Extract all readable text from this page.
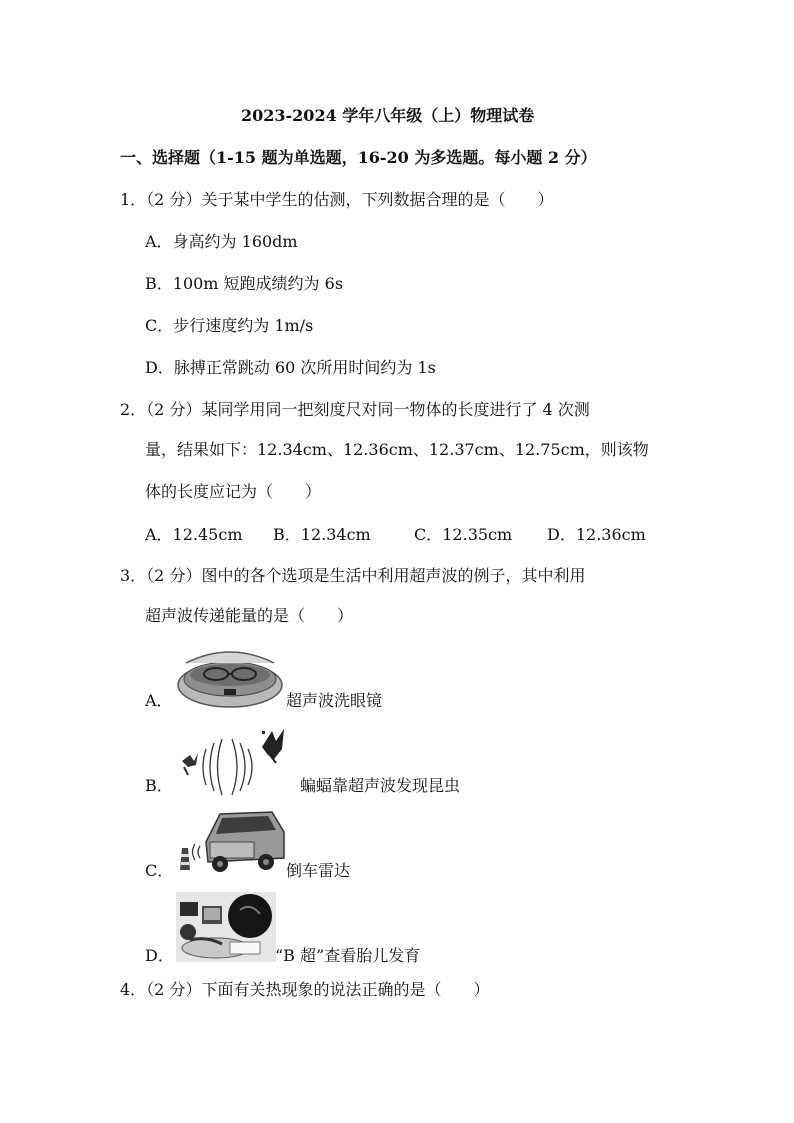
2023-2024 学年八年级（上）物理试卷
一、选择题（1-15 题为单选题，16-20 为多选题。每小题 2 分）
1．（2 分）关于某中学生的估测，下列数据合理的是（　　）
A．身高约为 160dm
B．100m 短跑成绩约为 6s
C．步行速度约为 1m/s
D．脉搏正常跳动 60 次所用时间约为 1s
2．（2 分）某同学用同一把刻度尺对同一物体的长度进行了 4 次测
量，结果如下：12.34cm、12.36cm、12.37cm、12.75cm，则该物
体的长度应记为（　　）
A．12.45cm B．12.34cm	C．12.35cm D．12.36cm
3．（2 分）图中的各个选项是生活中利用超声波的例子，其中利用
超声波传递能量的是（　　）
A．	超声波洗眼镜
B．	蝙蝠靠超声波发现昆虫
C．	倒车雷达
D．	“B 超”查看胎儿发育
4．（2 分）下面有关热现象的说法正确的是（　　）
